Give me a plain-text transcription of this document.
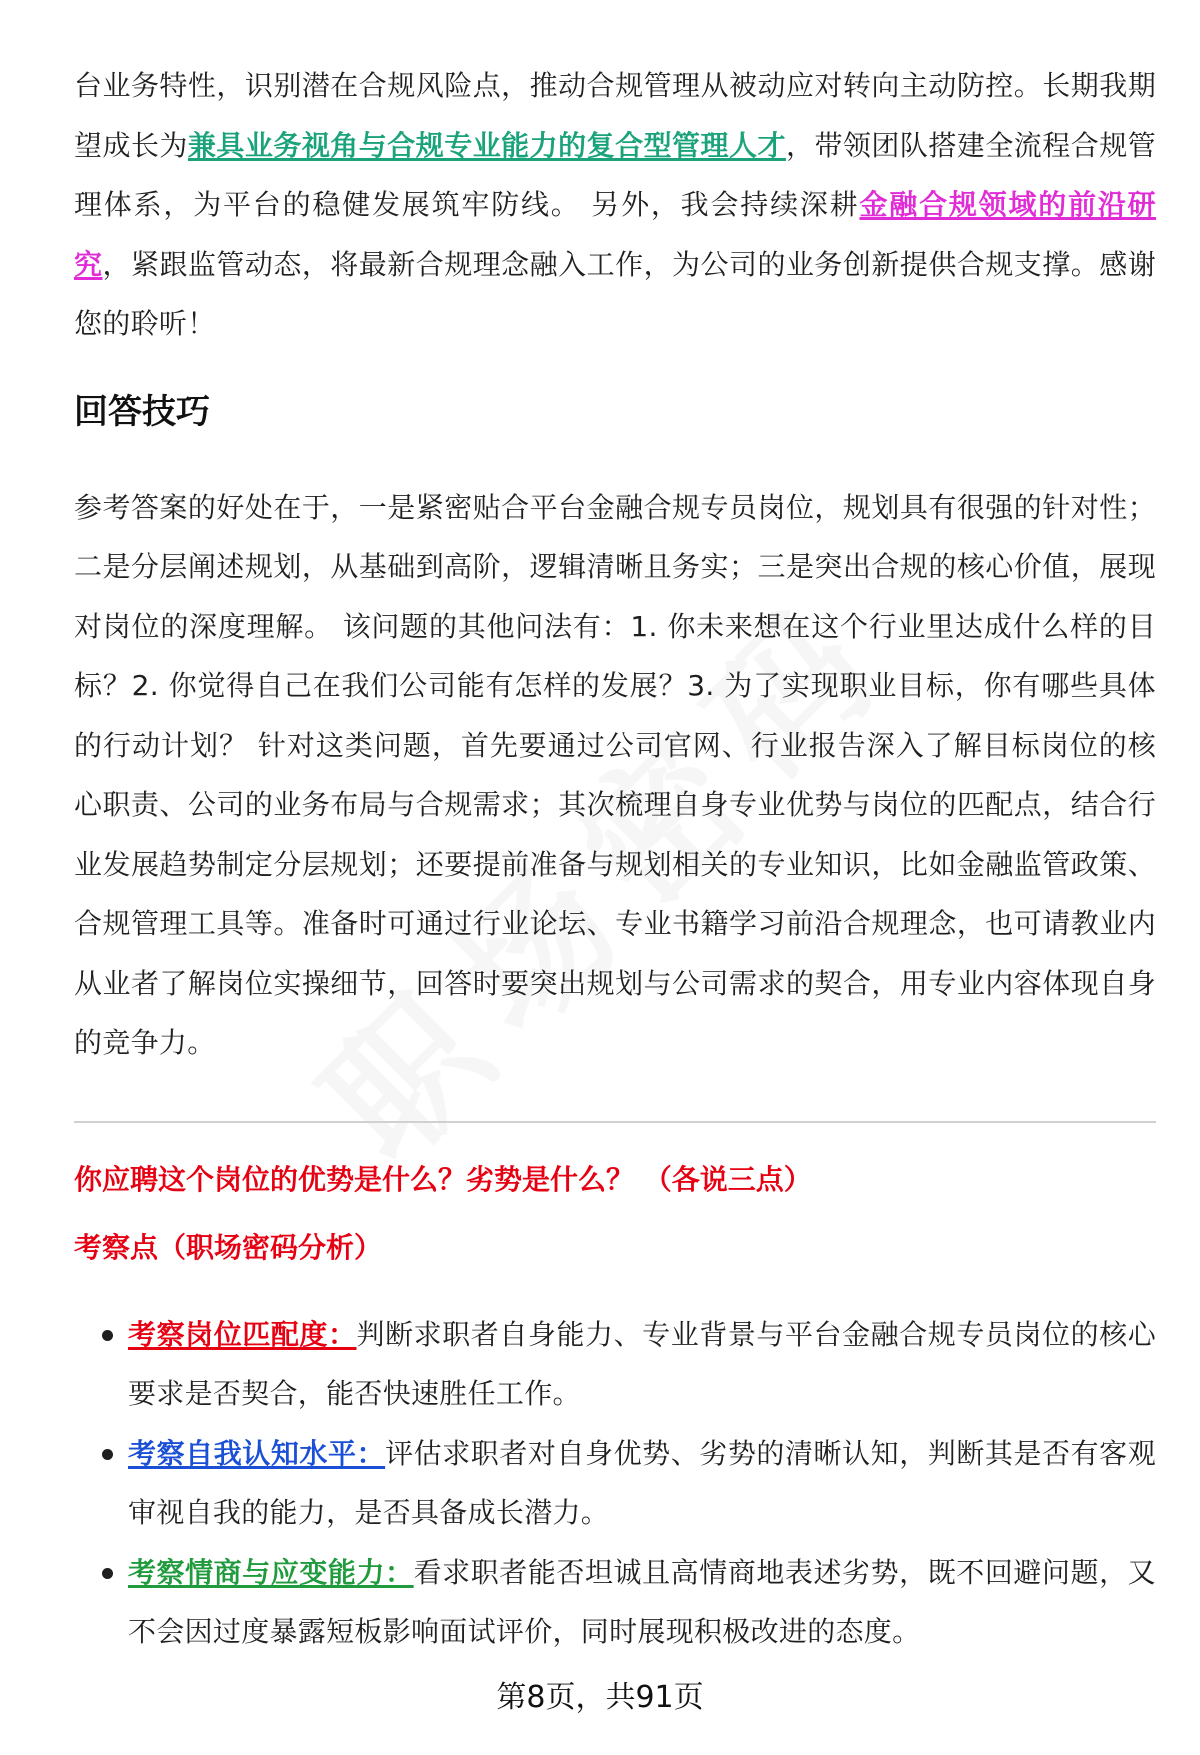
台业务特性，识别潜在合规风险点，推动合规管理从被动应对转向主动防控。长期我期望成长为兼具业务视角与合规专业能力的复合型管理人才，带领团队搭建全流程合规管理体系，为平台的稳健发展筑牢防线。 另外，我会持续深耕金融合规领域的前沿研究，紧跟监管动态，将最新合规理念融入工作，为公司的业务创新提供合规支撑。感谢您的聆听！

回答技巧

参考答案的好处在于，一是紧密贴合平台金融合规专员岗位，规划具有很强的针对性；二是分层阐述规划，从基础到高阶，逻辑清晰且务实；三是突出合规的核心价值，展现对岗位的深度理解。 该问题的其他问法有：1. 你未来想在这个行业里达成什么样的目标？2. 你觉得自己在我们公司能有怎样的发展？3. 为了实现职业目标，你有哪些具体的行动计划？ 针对这类问题，首先要通过公司官网、行业报告深入了解目标岗位的核心职责、公司的业务布局与合规需求；其次梳理自身专业优势与岗位的匹配点，结合行业发展趋势制定分层规划；还要提前准备与规划相关的专业知识，比如金融监管政策、合规管理工具等。准备时可通过行业论坛、专业书籍学习前沿合规理念，也可请教业内从业者了解岗位实操细节，回答时要突出规划与公司需求的契合，用专业内容体现自身的竞争力。

你应聘这个岗位的优势是什么？劣势是什么？ （各说三点）
考察点（职场密码分析）
考察岗位匹配度：判断求职者自身能力、专业背景与平台金融合规专员岗位的核心要求是否契合，能否快速胜任工作。
考察自我认知水平：评估求职者对自身优势、劣势的清晰认知，判断其是否有客观审视自我的能力，是否具备成长潜力。
考察情商与应变能力：看求职者能否坦诚且高情商地表述劣势，既不回避问题，又不会因过度暴露短板影响面试评价，同时展现积极改进的态度。
第8页，共91页
